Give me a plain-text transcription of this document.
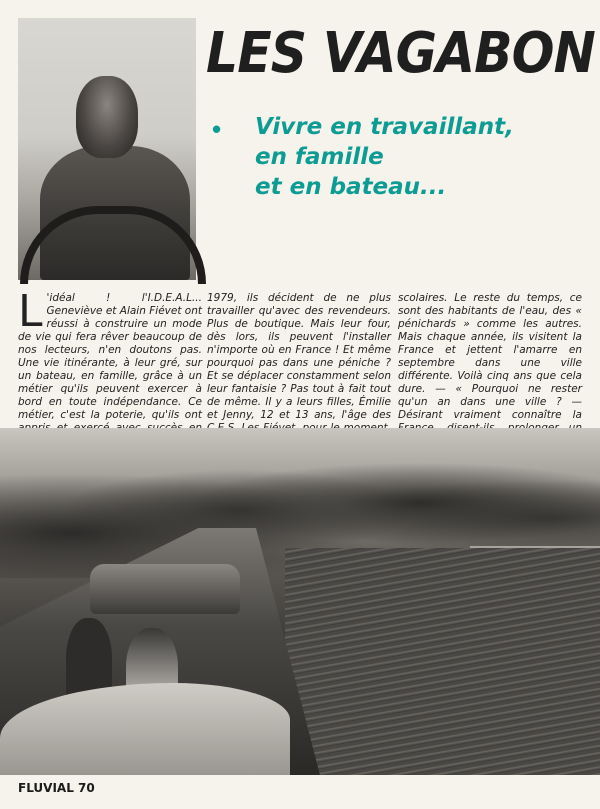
LES VAGABON
• Vivre en travaillant,
en famille
et en bateau...

L 'idéal ! l'I.D.E.A.L... Geneviève et Alain Fiévet ont réussi à construire un mode de vie qui fera rêver beaucoup de nos lecteurs, n'en doutons pas. Une vie itinérante, à leur gré, sur un bateau, en famille, grâce à un métier qu'ils peuvent exercer à bord en toute indépendance. Ce métier, c'est la poterie, qu'ils ont

1979, ils décident de ne plus travailler qu'avec des revendeurs. Plus de boutique. Mais leur four, dès lors, ils peuvent l'installer n'importe où en France ! Et même pourquoi pas dans une péniche ? Et se déplacer constamment selon leur fantaisie ? Pas tout à fait tout de même. Il y a leurs filles, Émilie et Jenny, 12 et 13 ans, l'âge des

scolaires. Le reste du temps, ce sont des habitants de l'eau, des « pénichards » comme les autres. Mais chaque année, ils visitent la France et jettent l'amarre en septembre dans une ville différente. Voilà cinq ans que cela dure. — « Pourquoi ne rester qu'un an dans une ville ? — Désirant vraiment connaître la

FLUVIAL 70
